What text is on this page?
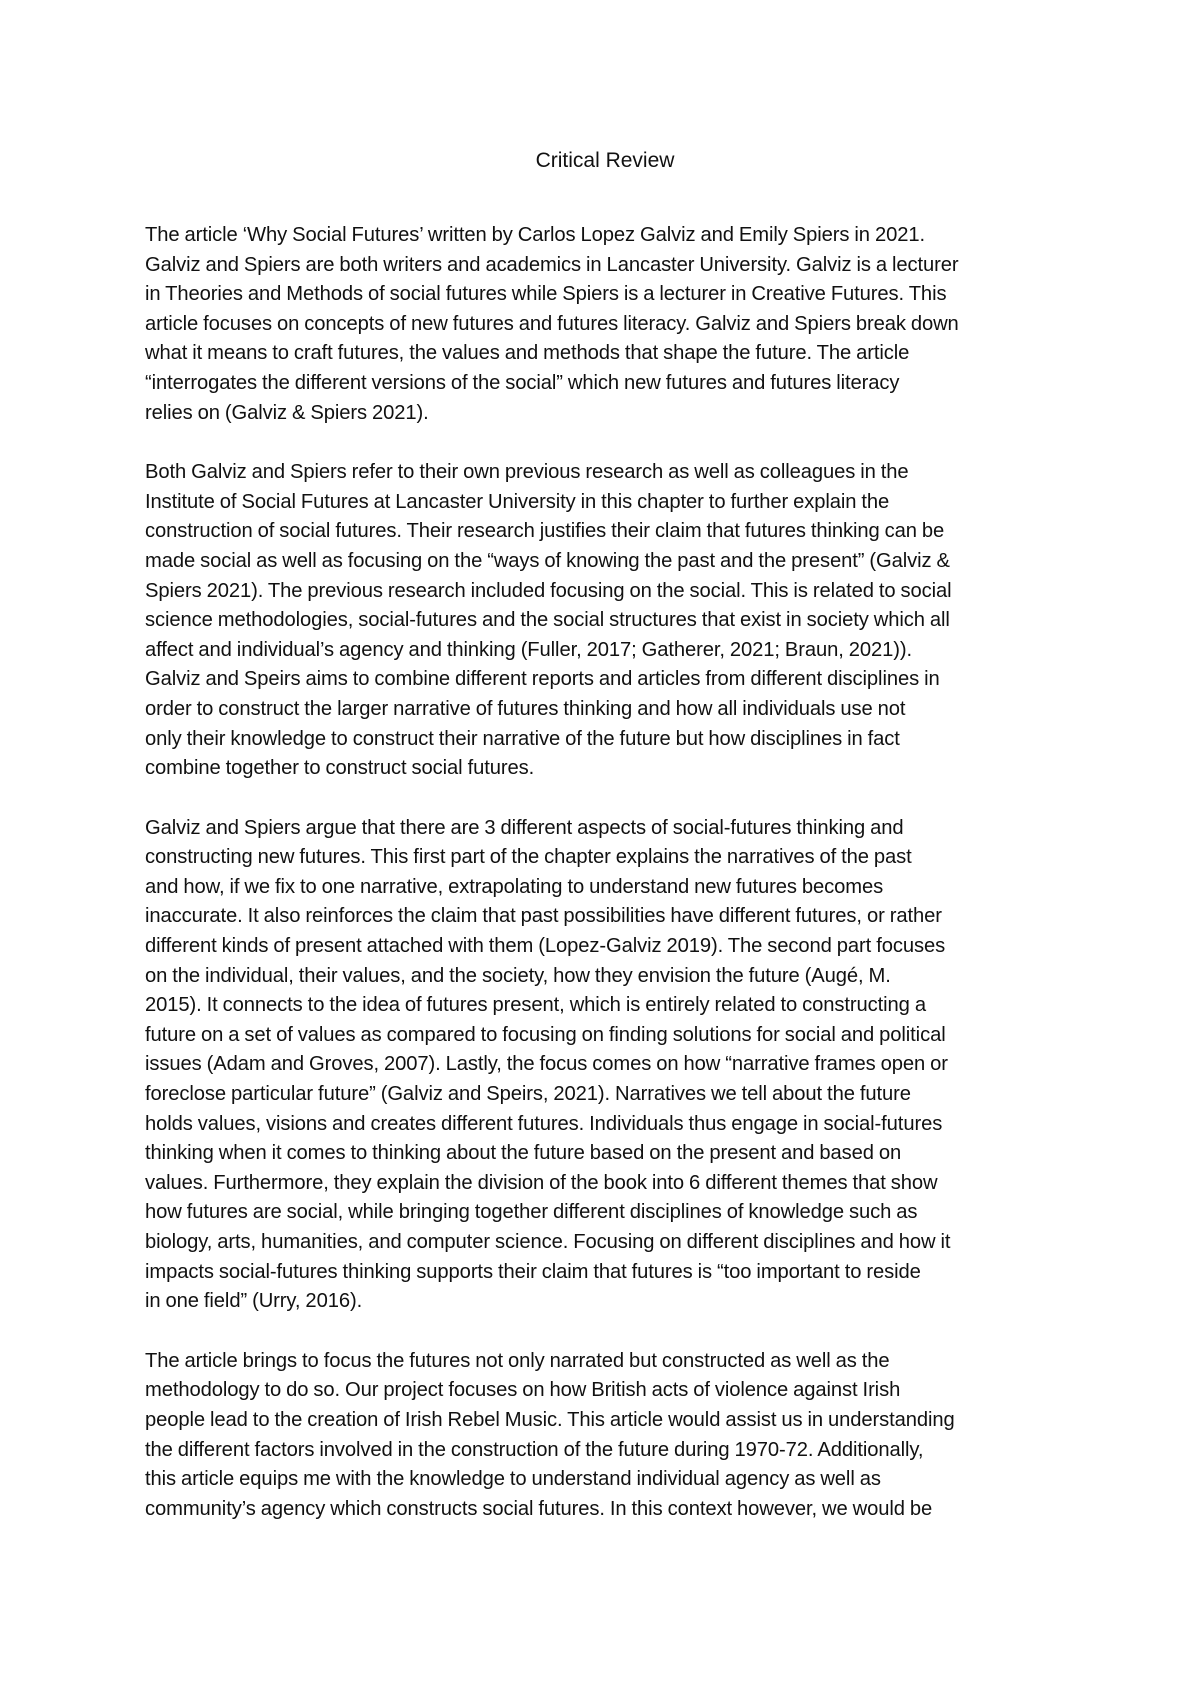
Critical Review

The article ‘Why Social Futures’ written by Carlos Lopez Galviz and Emily Spiers in 2021.
Galviz and Spiers are both writers and academics in Lancaster University. Galviz is a lecturer
in Theories and Methods of social futures while Spiers is a lecturer in Creative Futures. This
article focuses on concepts of new futures and futures literacy. Galviz and Spiers break down
what it means to craft futures, the values and methods that shape the future. The article
“interrogates the different versions of the social” which new futures and futures literacy
relies on (Galviz & Spiers 2021).

Both Galviz and Spiers refer to their own previous research as well as colleagues in the
Institute of Social Futures at Lancaster University in this chapter to further explain the
construction of social futures. Their research justifies their claim that futures thinking can be
made social as well as focusing on the “ways of knowing the past and the present” (Galviz &
Spiers 2021). The previous research included focusing on the social. This is related to social
science methodologies, social-futures and the social structures that exist in society which all
affect and individual’s agency and thinking (Fuller, 2017; Gatherer, 2021; Braun, 2021)).
Galviz and Speirs aims to combine different reports and articles from different disciplines in
order to construct the larger narrative of futures thinking and how all individuals use not
only their knowledge to construct their narrative of the future but how disciplines in fact
combine together to construct social futures.

Galviz and Spiers argue that there are 3 different aspects of social-futures thinking and
constructing new futures. This first part of the chapter explains the narratives of the past
and how, if we fix to one narrative, extrapolating to understand new futures becomes
inaccurate. It also reinforces the claim that past possibilities have different futures, or rather
different kinds of present attached with them (Lopez-Galviz 2019). The second part focuses
on the individual, their values, and the society, how they envision the future (Augé, M.
2015). It connects to the idea of futures present, which is entirely related to constructing a
future on a set of values as compared to focusing on finding solutions for social and political
issues (Adam and Groves, 2007). Lastly, the focus comes on how “narrative frames open or
foreclose particular future” (Galviz and Speirs, 2021). Narratives we tell about the future
holds values, visions and creates different futures. Individuals thus engage in social-futures
thinking when it comes to thinking about the future based on the present and based on
values. Furthermore, they explain the division of the book into 6 different themes that show
how futures are social, while bringing together different disciplines of knowledge such as
biology, arts, humanities, and computer science. Focusing on different disciplines and how it
impacts social-futures thinking supports their claim that futures is “too important to reside
in one field” (Urry, 2016).

The article brings to focus the futures not only narrated but constructed as well as the
methodology to do so. Our project focuses on how British acts of violence against Irish
people lead to the creation of Irish Rebel Music. This article would assist us in understanding
the different factors involved in the construction of the future during 1970-72. Additionally,
this article equips me with the knowledge to understand individual agency as well as
community’s agency which constructs social futures. In this context however, we would be
